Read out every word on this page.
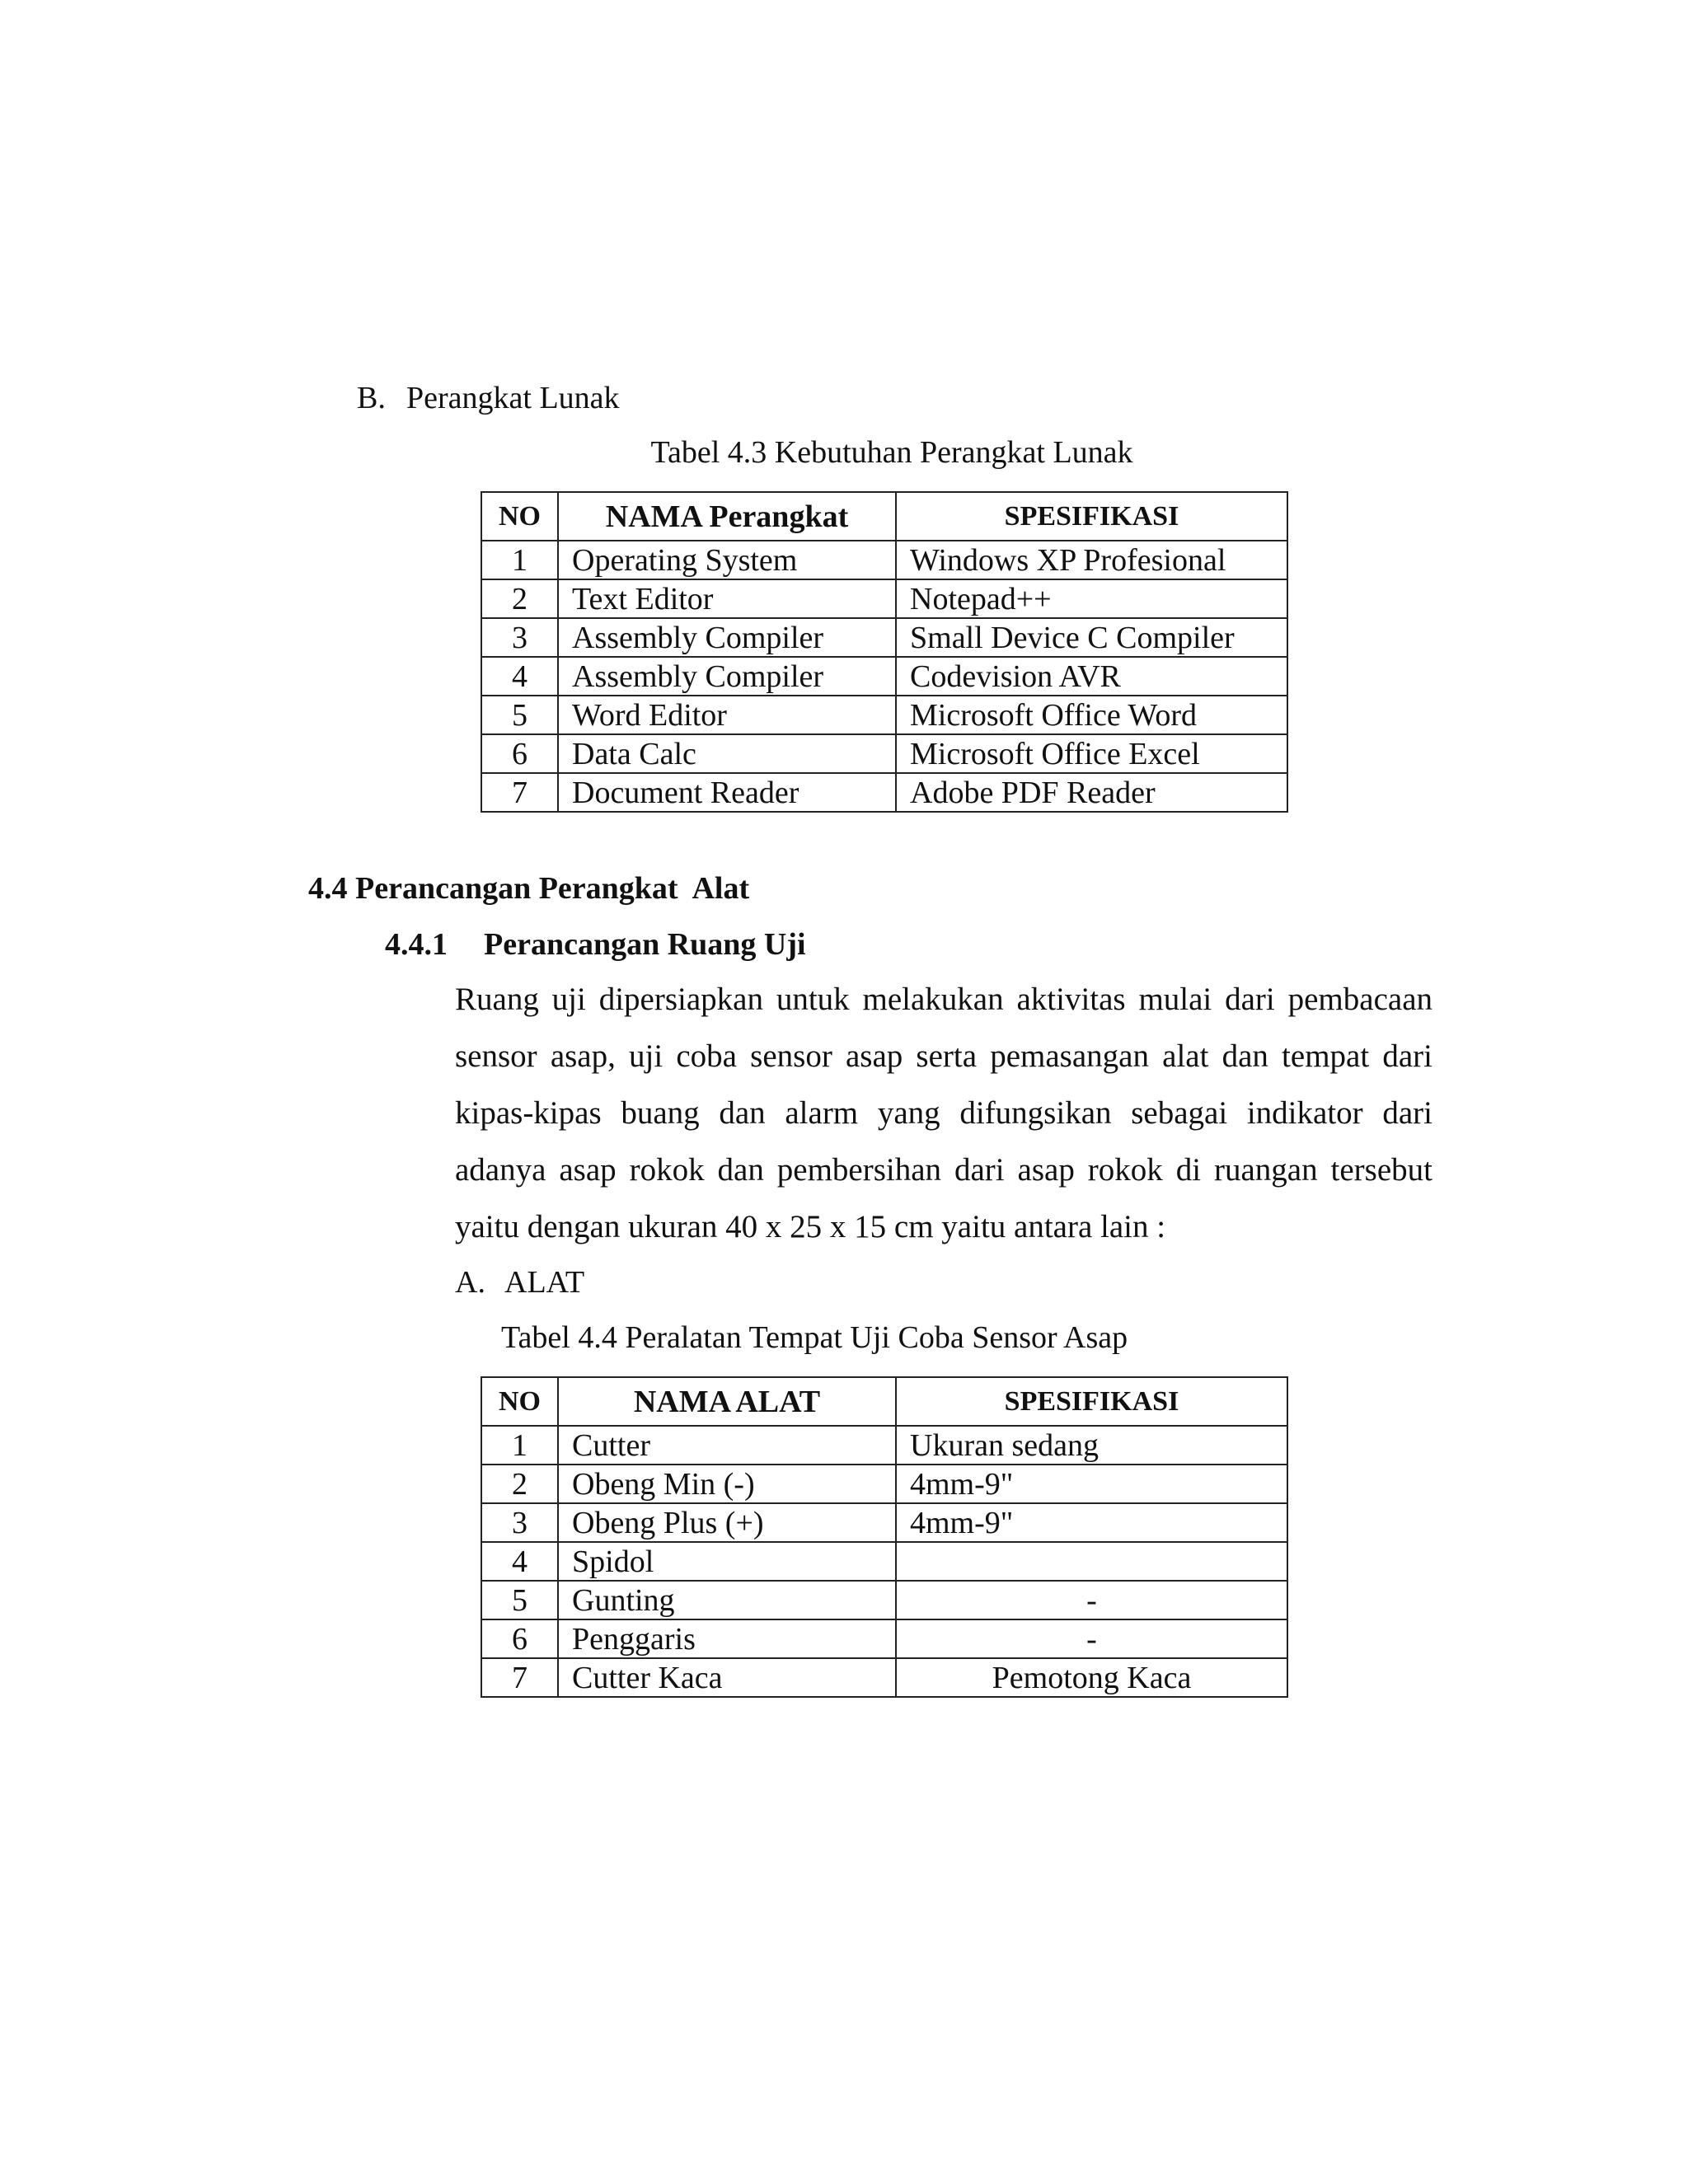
B. Perangkat Lunak
Tabel 4.3 Kebutuhan Perangkat Lunak
NO	NAMA Perangkat	SPESIFIKASI
1	Operating System	Windows XP Profesional
2	Text Editor	Notepad++
3	Assembly Compiler	Small Device C Compiler
4	Assembly Compiler	Codevision AVR
5	Word Editor	Microsoft Office Word
6	Data Calc	Microsoft Office Excel
7	Document Reader	Adobe PDF Reader
4.4 Perancangan Perangkat  Alat
4.4.1 Perancangan Ruang Uji
Ruang uji dipersiapkan untuk melakukan aktivitas mulai dari pembacaan
sensor asap, uji coba sensor asap serta pemasangan alat dan tempat dari
kipas-kipas buang dan alarm yang difungsikan sebagai indikator dari
adanya asap rokok dan pembersihan dari asap rokok di ruangan tersebut
yaitu dengan ukuran 40 x 25 x 15 cm yaitu antara lain :
A. ALAT
Tabel 4.4 Peralatan Tempat Uji Coba Sensor Asap
NO	NAMA ALAT	SPESIFIKASI
1	Cutter	Ukuran sedang
2	Obeng Min (-)	4mm-9"
3	Obeng Plus (+)	4mm-9"
4	Spidol	
5	Gunting	-
6	Penggaris	-
7	Cutter Kaca	Pemotong Kaca
